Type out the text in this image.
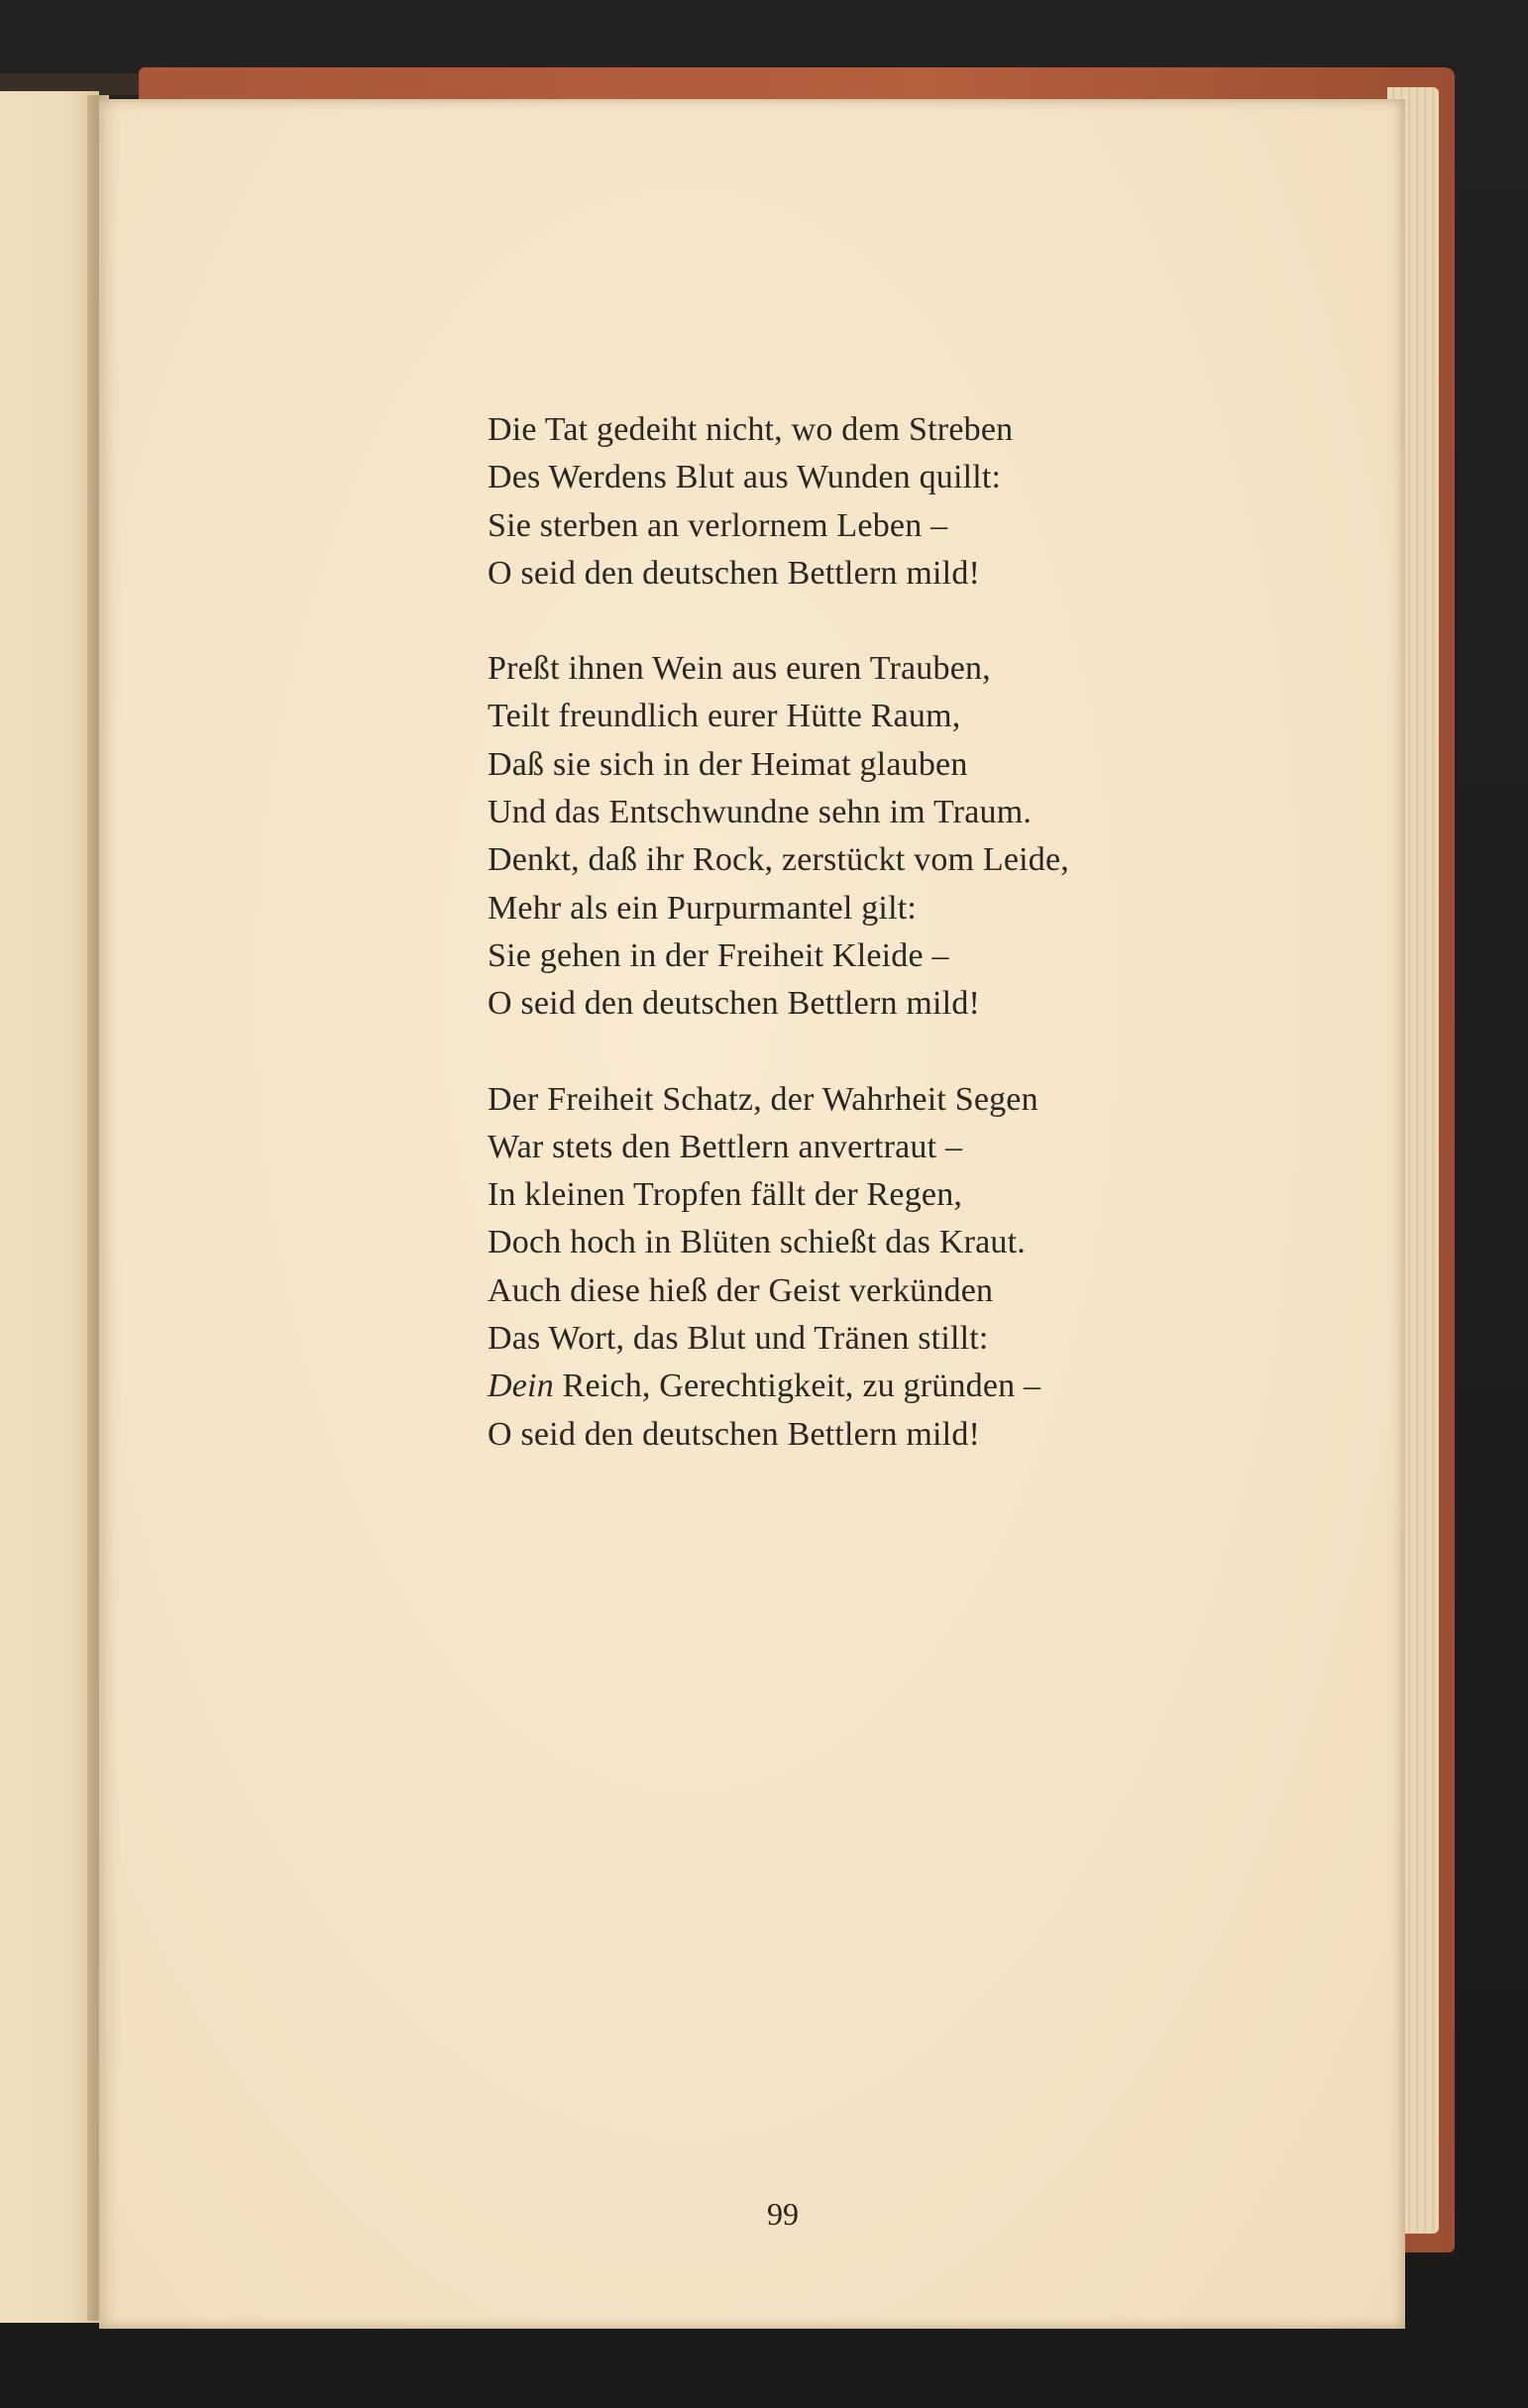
Die Tat gedeiht nicht, wo dem Streben
Des Werdens Blut aus Wunden quillt:
Sie sterben an verlornem Leben –
O seid den deutschen Bettlern mild!

Preßt ihnen Wein aus euren Trauben,
Teilt freundlich eurer Hütte Raum,
Daß sie sich in der Heimat glauben
Und das Entschwundne sehn im Traum.
Denkt, daß ihr Rock, zerstückt vom Leide,
Mehr als ein Purpurmantel gilt:
Sie gehen in der Freiheit Kleide –
O seid den deutschen Bettlern mild!

Der Freiheit Schatz, der Wahrheit Segen
War stets den Bettlern anvertraut –
In kleinen Tropfen fällt der Regen,
Doch hoch in Blüten schießt das Kraut.
Auch diese hieß der Geist verkünden
Das Wort, das Blut und Tränen stillt:
Dein Reich, Gerechtigkeit, zu gründen –
O seid den deutschen Bettlern mild!

99
